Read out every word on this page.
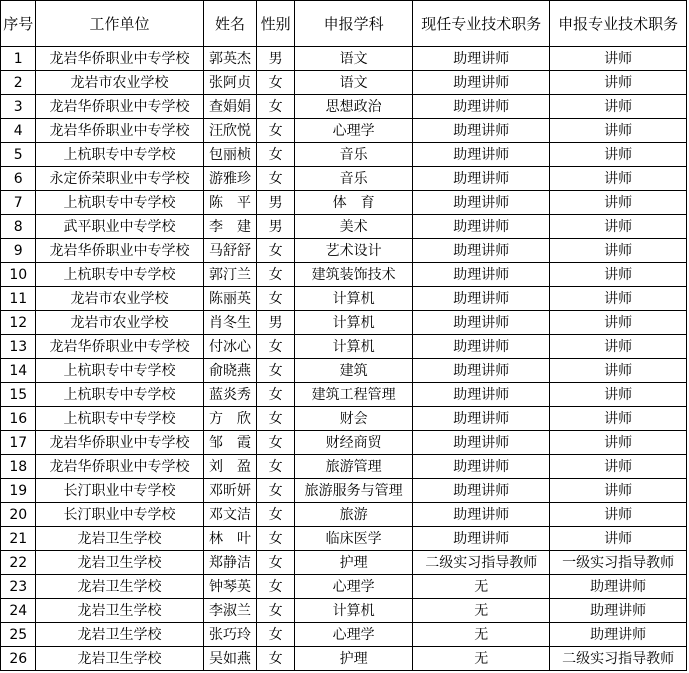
序号	工作单位	姓名	性别	申报学科	现任专业技术职务	申报专业技术职务
1	龙岩华侨职业中专学校	郭英杰	男	语文	助理讲师	讲师
2	龙岩市农业学校	张阿贞	女	语文	助理讲师	讲师
3	龙岩华侨职业中专学校	查娟娟	女	思想政治	助理讲师	讲师
4	龙岩华侨职业中专学校	汪欣悦	女	心理学	助理讲师	讲师
5	上杭职专中专学校	包丽桢	女	音乐	助理讲师	讲师
6	永定侨荣职业中专学校	游雅珍	女	音乐	助理讲师	讲师
7	上杭职专中专学校	陈　平	男	体　育	助理讲师	讲师
8	武平职业中专学校	李　建	男	美术	助理讲师	讲师
9	龙岩华侨职业中专学校	马舒舒	女	艺术设计	助理讲师	讲师
10	上杭职专中专学校	郭汀兰	女	建筑装饰技术	助理讲师	讲师
11	龙岩市农业学校	陈丽英	女	计算机	助理讲师	讲师
12	龙岩市农业学校	肖冬生	男	计算机	助理讲师	讲师
13	龙岩华侨职业中专学校	付冰心	女	计算机	助理讲师	讲师
14	上杭职专中专学校	俞晓燕	女	建筑	助理讲师	讲师
15	上杭职专中专学校	蓝炎秀	女	建筑工程管理	助理讲师	讲师
16	上杭职专中专学校	方　欣	女	财会	助理讲师	讲师
17	龙岩华侨职业中专学校	邹　霞	女	财经商贸	助理讲师	讲师
18	龙岩华侨职业中专学校	刘　盈	女	旅游管理	助理讲师	讲师
19	长汀职业中专学校	邓昕妍	女	旅游服务与管理	助理讲师	讲师
20	长汀职业中专学校	邓文洁	女	旅游	助理讲师	讲师
21	龙岩卫生学校	林　叶	女	临床医学	助理讲师	讲师
22	龙岩卫生学校	郑静洁	女	护理	二级实习指导教师	一级实习指导教师
23	龙岩卫生学校	钟琴英	女	心理学	无	助理讲师
24	龙岩卫生学校	李淑兰	女	计算机	无	助理讲师
25	龙岩卫生学校	张巧玲	女	心理学	无	助理讲师
26	龙岩卫生学校	吴如燕	女	护理	无	二级实习指导教师
